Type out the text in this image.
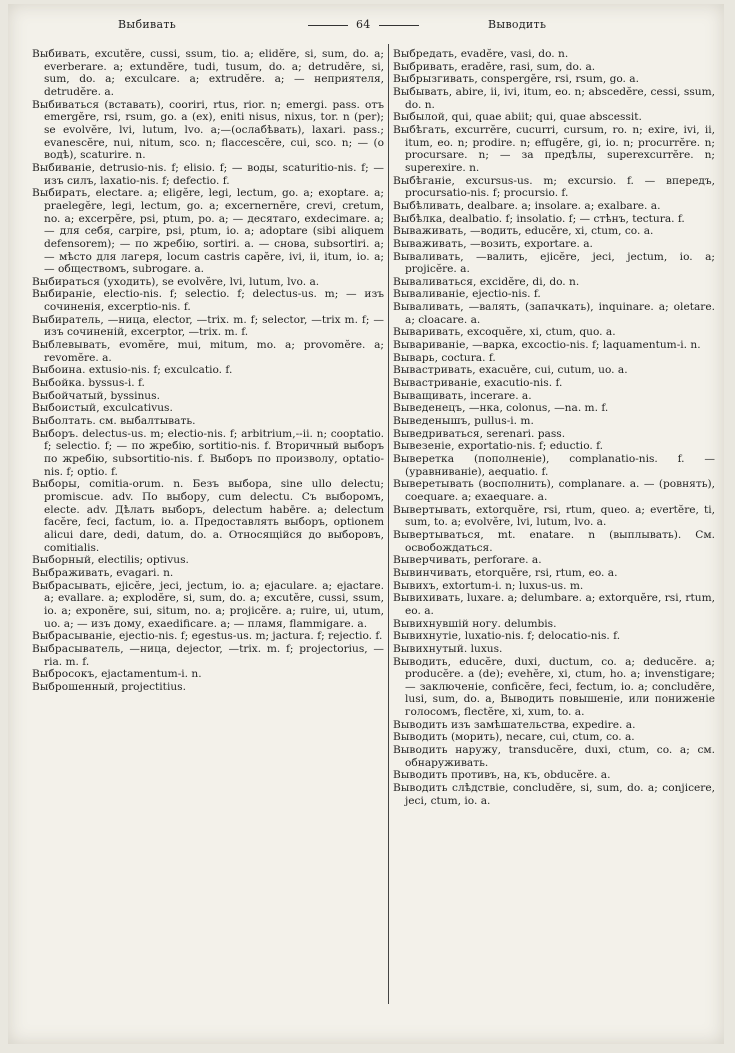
Выбивать	64	Выводить
Выбивать, excutĕre, cussi, ssum, tio. a; elidĕre, si, sum, do. a; everberare. a; extundĕre, tudi, tusum, do. a; detrudĕre, si, sum, do. a; exculcare. a; extrudĕre. a; — неприятеля, detrudĕre. a.
Выбиваться (вставать), cooriri, rtus, rior. n; emergi. pass. отъ emergĕre, rsi, rsum, go. a (ex), eniti nisus, nixus, tor. n (per); se evolvĕre, lvi, lutum, lvo. a;—(ослабѣвать), laxari. pass.; evanescĕre, nui, nitum, sco. n; flaccescĕre, cui, sco. n; — (о водѣ), scaturire. n.
Выбиваніе, detrusio-nis. f; elisio. f; — воды, scaturitio-nis. f; — изъ силъ, laxatio-nis. f; defectio. f.
Выбирать, electare. a; eligĕre, legi, lectum, go. a; exoptare. a; praelegĕre, legi, lectum, go. a; excernernĕre, crevi, cretum, no. a; excerpĕre, psi, ptum, po. a; — десятаго, exdecimare. a; — для себя, carpire, psi, ptum, io. a; adoptare (sibi aliquem defensorem); — по жребію, sortiri. a. — снова, subsortiri. a; — мѣсто для лагеря, locum castris capĕre, ivi, ii, itum, io. a; — обществомъ, subrogare. a.
Выбираться (уходить), se evolvĕre, lvi, lutum, lvo. a.
Выбираніе, electio-nis. f; selectio. f; delectus-us. m; — изъ сочиненія, excerptio-nis. f.
Выбиратель, —ница, elector, —trix. m. f; selector, —trix m. f; — изъ сочиненій, excerptor, —trix. m. f.
Выблевывать, evomĕre, mui, mitum, mo. a; provomĕre. a; revomĕre. a.
Выбоина. extusio-nis. f; exculcatio. f.
Выбойка. byssus-i. f.
Выбойчатый, byssinus.
Выбоистый, exculcativus.
Выболтать. см. выбалтывать.
Выборъ. delectus-us. m; electio-nis. f; arbitrium,--ii. n; cooptatio. f; selectio. f; — по жребію, sortitio-nis. f. Вторичный выборъ по жребію, subsortitio-nis. f. Выборъ по произволу, optatio-nis. f; optio. f.
Выборы, comitia-orum. n. Безъ выбора, sine ullo delectu; promiscue. adv. По выбору, cum delectu. Съ выборомъ, electe. adv. Дѣлать выборъ, delectum habēre. a; delectum facĕre, feci, factum, io. a. Предоставлять выборъ, optionem alicui dare, dedi, datum, do. a. Относящійся до выборовъ, comitialis.
Выборный, electilis; optivus.
Выбраживать, evagari. n.
Выбрасывать, ejicĕre, jeci, jectum, io. a; ejaculare. a; ejactare. a; evallare. a; explodĕre, si, sum, do. a; excutĕre, cussi, ssum, io. a; exponĕre, sui, situm, no. a; projicĕre. a; ruire, ui, utum, uo. a; — изъ дому, exaedificare. a; — пламя, flammigare. a.
Выбрасываніе, ejectio-nis. f; egestus-us. m; jactura. f; rejectio. f.
Выбрасыватель, —ница, dejector, —trix. m. f; projectorius, —ria. m. f.
Выбросокъ, ejactamentum-i. n.
Выброшенный, projectitius.
Выбредать, evadĕre, vasi, do. n.
Выбривать, eradĕre, rasi, sum, do. a.
Выбрызгивать, conspergĕre, rsi, rsum, go. a.
Выбывать, abire, ii, ivi, itum, eo. n; abscedĕre, cessi, ssum, do. n.
Выбылой, qui, quae abiit; qui, quae abscessit.
Выбѣгать, excurrĕre, cucurri, cursum, ro. n; exire, ivi, ii, itum, eo. n; prodire. n; effugĕre, gi, io. n; procurrĕre. n; procursare. n; — за предѣлы, superexcurrĕre. n; superexire. n.
Выбѣганіе, excursus-us. m; excursio. f. — впередъ, procursatio-nis. f; procursio. f.
Выбѣливать, dealbare. a; insolare. a; exalbare. a.
Выбѣлка, dealbatio. f; insolatio. f; — стѣнъ, tectura. f.
Вываживать, —водить, educĕre, xi, ctum, co. a.
Вываживать, —возить, exportare. a.
Вываливать, —валить, ejicĕre, jeci, jectum, io. a; projicĕre. a.
Вываливаться, excidĕre, di, do. n.
Вываливаніе, ejectio-nis. f.
Вываливать, —валять, (запачкать), inquinare. a; oletare. a; cloacare. a.
Вываривать, excoquĕre, xi, ctum, quo. a.
Вывариваніе, —варка, excoctio-nis. f; laquamentum-i. n.
Выварь, coctura. f.
Вывастривать, exacuĕre, cui, cutum, uo. a.
Вывастриваніе, exacutio-nis. f.
Выващивать, incerare. a.
Выведенецъ, —нка, colonus, —na. m. f.
Выведенышъ, pullus-i. m.
Выведриваться, serenari. pass.
Вывезеніе, exportatio-nis. f; eductio. f.
Выверетка (пополненіе), complanatio-nis. f. — (уравниваніе), aequatio. f.
Выверетывать (восполнить), complanare. a. — (ровнять), coequare. a; exaequare. a.
Вывертывать, extorquĕre, rsi, rtum, queo. a; evertĕre, ti, sum, to. a; evolvĕre, lvi, lutum, lvo. a.
Вывертываться, mt. enatare. n (выплывать). См. освобождаться.
Выверчивать, perforare. a.
Вывинчивать, etorquĕre, rsi, rtum, eo. a.
Вывихъ, extortum-i. n; luxus-us. m.
Вывихивать, luxare. a; delumbare. a; extorquĕre, rsi, rtum, eo. a.
Вывихнувшій ногу. delumbis.
Вывихнутіе, luxatio-nis. f; delocatio-nis. f.
Вывихнутый. luxus.
Выводить, educĕre, duxi, ductum, co. a; deducĕre. a; producĕre. a (de); evehĕre, xi, ctum, ho. a; invenstigare; — заключеніе, conficĕre, feci, fectum, io. a; concludĕre, lusi, sum, do. a, Выводить повышеніе, или пониженіе голосомъ, flectĕre, xi, xum, to. a.
Выводить изъ замѣшательства, expedire. a.
Выводить (морить), necare, cui, ctum, co. a.
Выводить наружу, transducĕre, duxi, ctum, co. a; см. обнаруживать.
Выводить противъ, на, къ, obducĕre. a.
Выводить слѣдствіе, concludĕre, si, sum, do. a; conjicere, jeci, ctum, io. a.
